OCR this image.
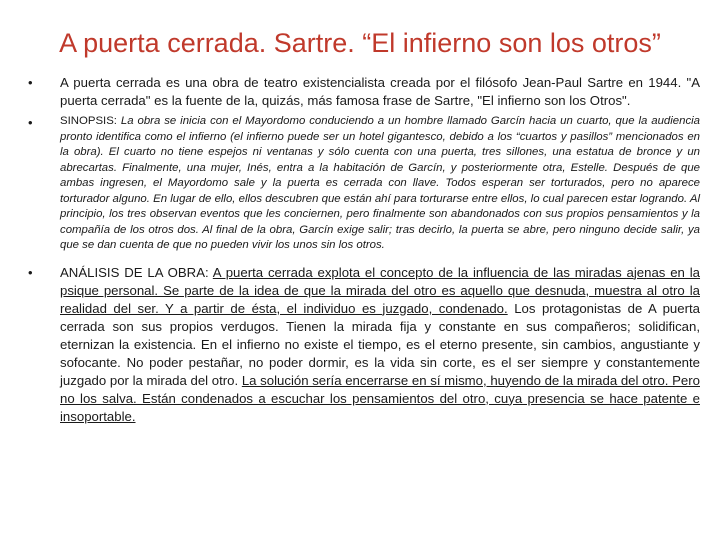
A puerta cerrada. Sartre. “El infierno son los otros”
• A puerta cerrada es una obra de teatro existencialista creada por el filósofo Jean-Paul Sartre en 1944. "A puerta cerrada" es la fuente de la, quizás, más famosa frase de Sartre, "El infierno son los Otros".
• SINOPSIS: La obra se inicia con el Mayordomo conduciendo a un hombre llamado Garcín hacia un cuarto, que la audiencia pronto identifica como el infierno (el infierno puede ser un hotel gigantesco, debido a los “cuartos y pasillos” mencionados en la obra). El cuarto no tiene espejos ni ventanas y sólo cuenta con una puerta, tres sillones, una estatua de bronce y un abrecartas. Finalmente, una mujer, Inés, entra a la habitación de Garcín, y posteriormente otra, Estelle. Después de que ambas ingresen, el Mayordomo sale y la puerta es cerrada con llave. Todos esperan ser torturados, pero no aparece torturador alguno. En lugar de ello, ellos descubren que están ahí para torturarse entre ellos, lo cual parecen estar logrando. Al principio, los tres observan eventos que les conciernen, pero finalmente son abandonados con sus propios pensamientos y la compañía de los otros dos. Al final de la obra, Garcín exige salir; tras decirlo, la puerta se abre, pero ninguno decide salir, ya que se dan cuenta de que no pueden vivir los unos sin los otros.
• ANÁLISIS DE LA OBRA: A puerta cerrada explota el concepto de la influencia de las miradas ajenas en la psique personal. Se parte de la idea de que la mirada del otro es aquello que desnuda, muestra al otro la realidad del ser. Y a partir de ésta, el individuo es juzgado, condenado. Los protagonistas de A puerta cerrada son sus propios verdugos. Tienen la mirada fija y constante en sus compañeros; solidifican, eternizan la existencia. En el infierno no existe el tiempo, es el eterno presente, sin cambios, angustiante y sofocante. No poder pestañar, no poder dormir, es la vida sin corte, es el ser siempre y constantemente juzgado por la mirada del otro. La solución sería encerrarse en sí mismo, huyendo de la mirada del otro. Pero no los salva. Están condenados a escuchar los pensamientos del otro, cuya presencia se hace patente e insoportable.
